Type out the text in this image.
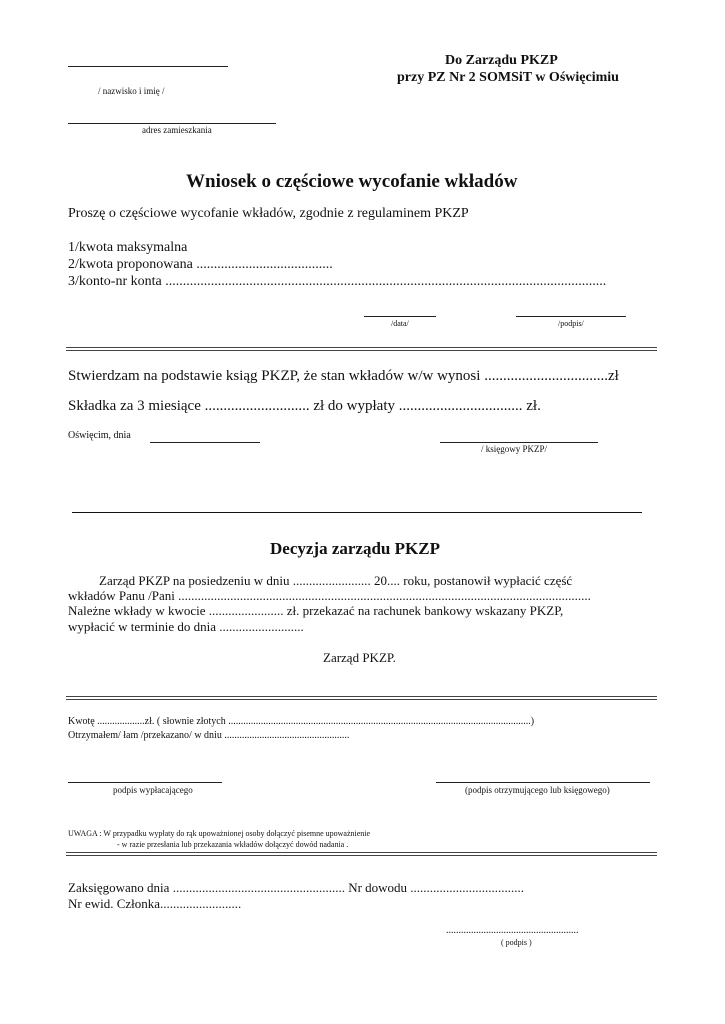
/ nazwisko i imię /
adres zamieszkania
Do Zarządu PKZP
przy PZ Nr 2 SOMSiT w Oświęcimiu
Wniosek o częściowe wycofanie wkładów
Proszę o częściowe wycofanie wkładów, zgodnie z regulaminem PKZP
1/kwota maksymalna
2/kwota proponowana .......................................
3/konto-nr konta ..............................................................................................................................
/data/	/podpis/
Stwierdzam na podstawie ksiąg PKZP, że stan wkładów w/w wynosi .................................zł
Składka za 3 miesiące ............................ zł do wypłaty ................................. zł.
Oświęcim, dnia
/ księgowy PKZP/
Decyzja zarządu PKZP
Zarząd PKZP na posiedzeniu w dniu ........................ 20.... roku, postanowił wypłacić część
wkładów Panu /Pani ...............................................................................................................................
Należne wkłady w kwocie ....................... zł. przekazać na rachunek bankowy wskazany PKZP,
wypłacić w terminie do dnia ..........................
Zarząd PKZP.
Kwotę ...................zł. ( słownie złotych .........................................................................................................................)
Otrzymałem/ łam /przekazano/ w dniu ..................................................
podpis wypłacającego	(podpis otrzymującego lub księgowego)
UWAGA : W przypadku wypłaty do rąk upoważnionej osoby dołączyć pisemne upoważnienie
- w razie przesłania lub przekazania wkładów dołączyć dowód nadania .
Zaksięgowano dnia ..................................................... Nr dowodu ...................................
Nr ewid. Członka.........................
.....................................................
( podpis )
